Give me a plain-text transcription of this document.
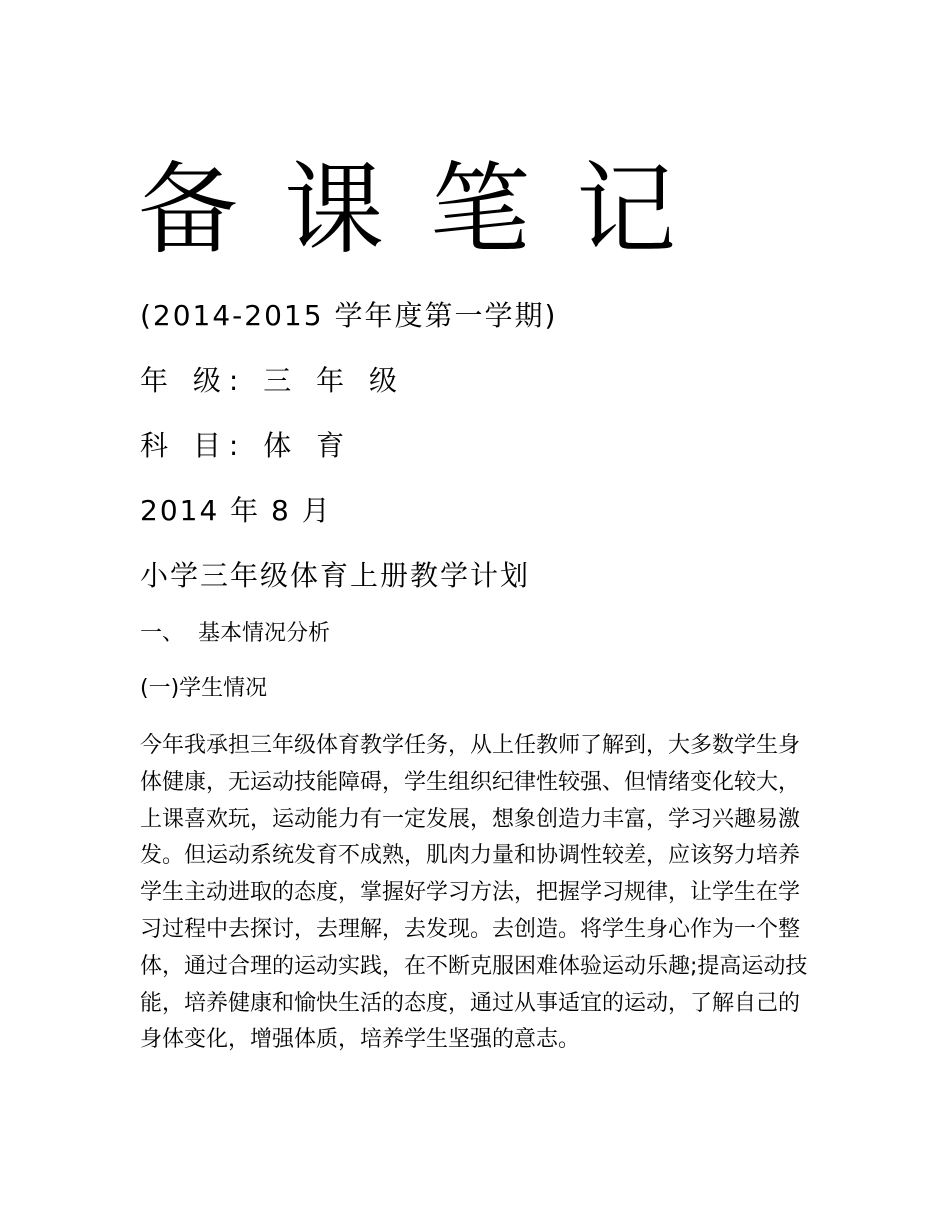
备课笔记

(2014-2015 学年度第一学期)

年 级: 三 年 级

科 目: 体 育

2014 年 8 月

小学三年级体育上册教学计划

一、 基本情况分析

(一)学生情况

今年我承担三年级体育教学任务，从上任教师了解到，大多数学生身体健康，无运动技能障碍，学生组织纪律性较强、但情绪变化较大，上课喜欢玩，运动能力有一定发展，想象创造力丰富，学习兴趣易激发。但运动系统发育不成熟，肌肉力量和协调性较差，应该努力培养学生主动进取的态度，掌握好学习方法，把握学习规律，让学生在学习过程中去探讨，去理解，去发现。去创造。将学生身心作为一个整体，通过合理的运动实践，在不断克服困难体验运动乐趣;提高运动技能，培养健康和愉快生活的态度，通过从事适宜的运动，了解自己的身体变化，增强体质，培养学生坚强的意志。
